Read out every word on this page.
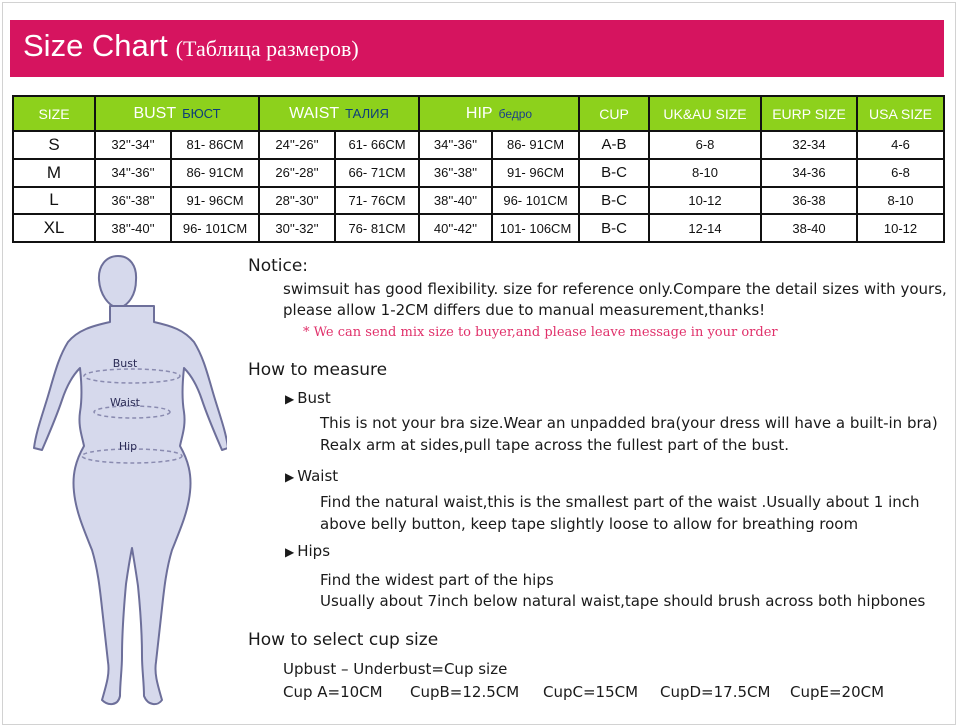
Size Chart (Таблица размеров)
SIZE	BUST БЮСТ		WAIST ТАЛИЯ		HIP бедро		CUP	UK&AU SIZE	EURP SIZE	USA SIZE
S	32''-34''	81- 86CM	24''-26''	61- 66CM	34''-36''	86- 91CM	A-B	6-8	32-34	4-6
M	34''-36''	86- 91CM	26''-28''	66- 71CM	36''-38''	91- 96CM	B-C	8-10	34-36	6-8
L	36''-38''	91- 96CM	28''-30''	71- 76CM	38''-40''	96- 101CM	B-C	10-12	36-38	8-10
XL	38''-40''	96- 101CM	30''-32''	76- 81CM	40''-42''	101- 106CM	B-C	12-14	38-40	10-12
Bust
Waist
Hip
Notice:
swimsuit has good flexibility. size for reference only.Compare the detail sizes with yours,
please allow 1-2CM differs due to manual measurement,thanks!
* We can send mix size to buyer,and please leave message in your order
How to measure
▶ Bust
This is not your bra size.Wear an unpadded bra(your dress will have a built-in bra)
Realx arm at sides,pull tape across the fullest part of the bust.
▶ Waist
Find the natural waist,this is the smallest part of the waist .Usually about 1 inch
above belly button, keep tape slightly loose to allow for breathing room
▶ Hips
Find the widest part of the hips
Usually about 7inch below natural waist,tape should brush across both hipbones
How to select cup size
Upbust – Underbust=Cup size
Cup A=10CM CupB=12.5CM CupC=15CM CupD=17.5CM CupE=20CM
